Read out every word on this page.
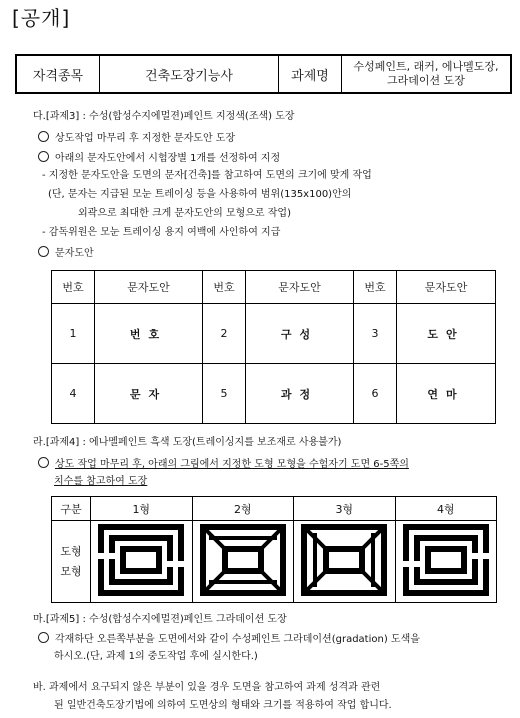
[공개]
자격종목	건축도장기능사	과제명	수성페인트, 래커, 에나멜도장,
그라데이션 도장
다.[과제3] : 수성(합성수지에멀젼)페인트 지정색(조색) 도장
상도작업 마무리 후 지정한 문자도안 도장
아래의 문자도안에서 시험장별 1개를 선정하여 지정
- 지정한 문자도안을 도면의 문자[건축]를 참고하여 도면의 크기에 맞게 작업
(단, 문자는 지급된 모눈 트레이싱 등을 사용하여 범위(135x100)안의
외곽으로 최대한 크게 문자도안의 모형으로 작업)
- 감독위원은 모눈 트레이싱 용지 여백에 사인하여 지급
문자도안
번호	문자도안	번호	문자도안	번호	문자도안
1	번호	2	구성	3	도안
4	문자	5	과정	6	연마
라.[과제4] : 에나멜페인트 흑색 도장(트레이싱지를 보조재로 사용불가)
상도 작업 마무리 후, 아래의 그림에서 지정한 도형 모형을 수험자기 도면 6-5쪽의
치수를 참고하여 도장
구분	1형	2형	3형	4형
도형
모형				
마.[과제5] : 수성(합성수지에멀젼)페인트 그라데이션 도장
각재하단 오른쪽부분을 도면에서와 같이 수성페인트 그라데이션(gradation) 도색을
하시오.(단, 과제 1의 중도작업 후에 실시한다.)
바. 과제에서 요구되지 않은 부분이 있을 경우 도면을 참고하여 과제 성격과 관련
된 일반건축도장기법에 의하여 도면상의 형태와 크기를 적용하여 작업 합니다.
